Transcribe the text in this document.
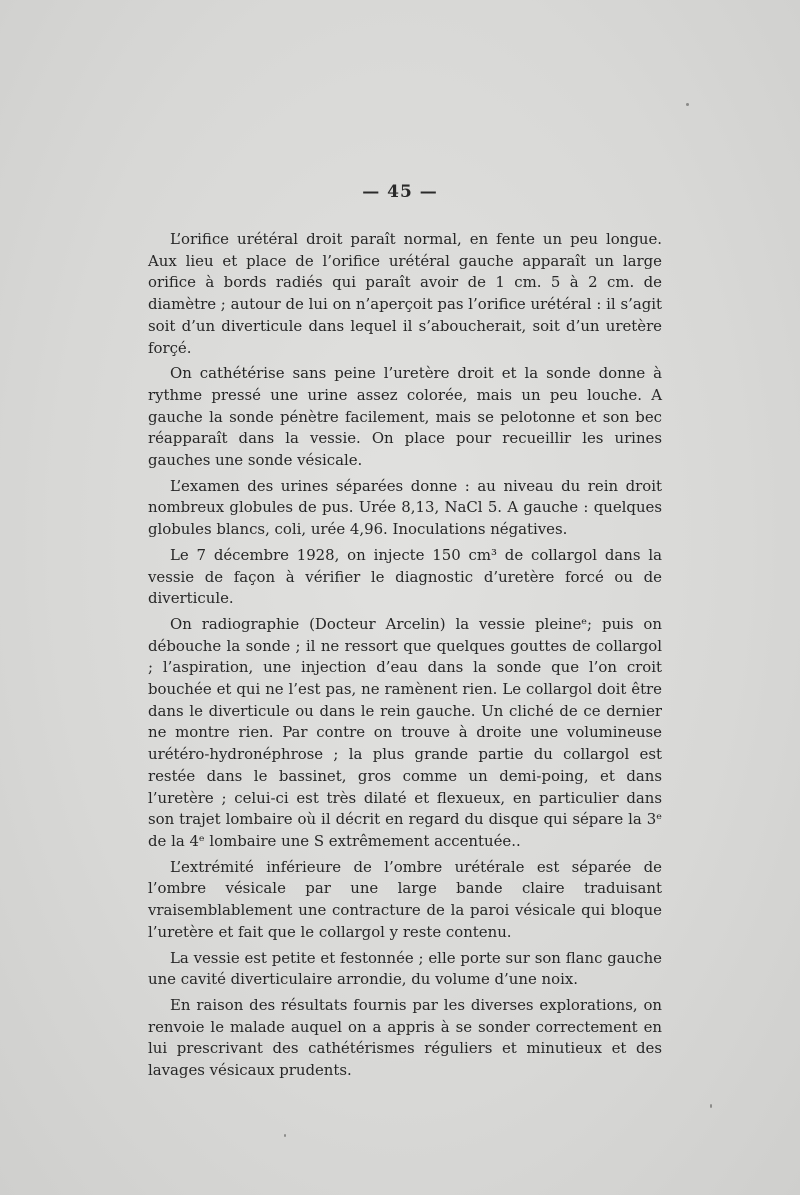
— 45 —

L’orifice urétéral droit paraît normal, en fente un peu longue. Aux lieu et place de l’orifice urétéral gauche apparaît un large orifice à bords radiés qui paraît avoir de 1 cm. 5 à 2 cm. de diamètre ; autour de lui on n’aperçoit pas l’orifice urétéral : il s’agit soit d’un diverticule dans lequel il s’aboucherait, soit d’un uretère forçé.

On cathétérise sans peine l’uretère droit et la sonde donne à rythme pressé une urine assez colorée, mais un peu louche. A gauche la sonde pénètre facilement, mais se pelotonne et son bec réapparaît dans la vessie. On place pour recueillir les urines gauches une sonde vésicale.

L’examen des urines séparées donne : au niveau du rein droit nombreux globules de pus. Urée 8,13, NaCl 5. A gauche : quelques globules blancs, coli, urée 4,96. Inoculations négatives.

Le 7 décembre 1928, on injecte 150 cm³ de collargol dans la vessie de façon à vérifier le diagnostic d’uretère forcé ou de diverticule.

On radiographie (Docteur Arcelin) la vessie pleineᵉ; puis on débouche la sonde ; il ne ressort que quelques gouttes de collargol ; l’aspiration, une injection d’eau dans la sonde que l’on croit bouchée et qui ne l’est pas, ne ramènent rien. Le collargol doit être dans le diverticule ou dans le rein gauche. Un cliché de ce dernier ne montre rien. Par contre on trouve à droite une volumineuse urétéro-hydronéphrose ; la plus grande partie du collargol est restée dans le bassinet, gros comme un demi-poing, et dans l’uretère ; celui-ci est très dilaté et flexueux, en particulier dans son trajet lombaire où il décrit en regard du disque qui sépare la 3ᵉ de la 4ᵉ lombaire une S extrêmement accentuée..

L’extrémité inférieure de l’ombre urétérale est séparée de l’ombre vésicale par une large bande claire traduisant vraisemblablement une contracture de la paroi vésicale qui bloque l’uretère et fait que le collargol y reste contenu.

La vessie est petite et festonnée ; elle porte sur son flanc gauche une cavité diverticulaire arrondie, du volume d’une noix.

En raison des résultats fournis par les diverses explorations, on renvoie le malade auquel on a appris à se sonder correctement en lui prescrivant des cathétérismes réguliers et minutieux et des lavages vésicaux prudents.
